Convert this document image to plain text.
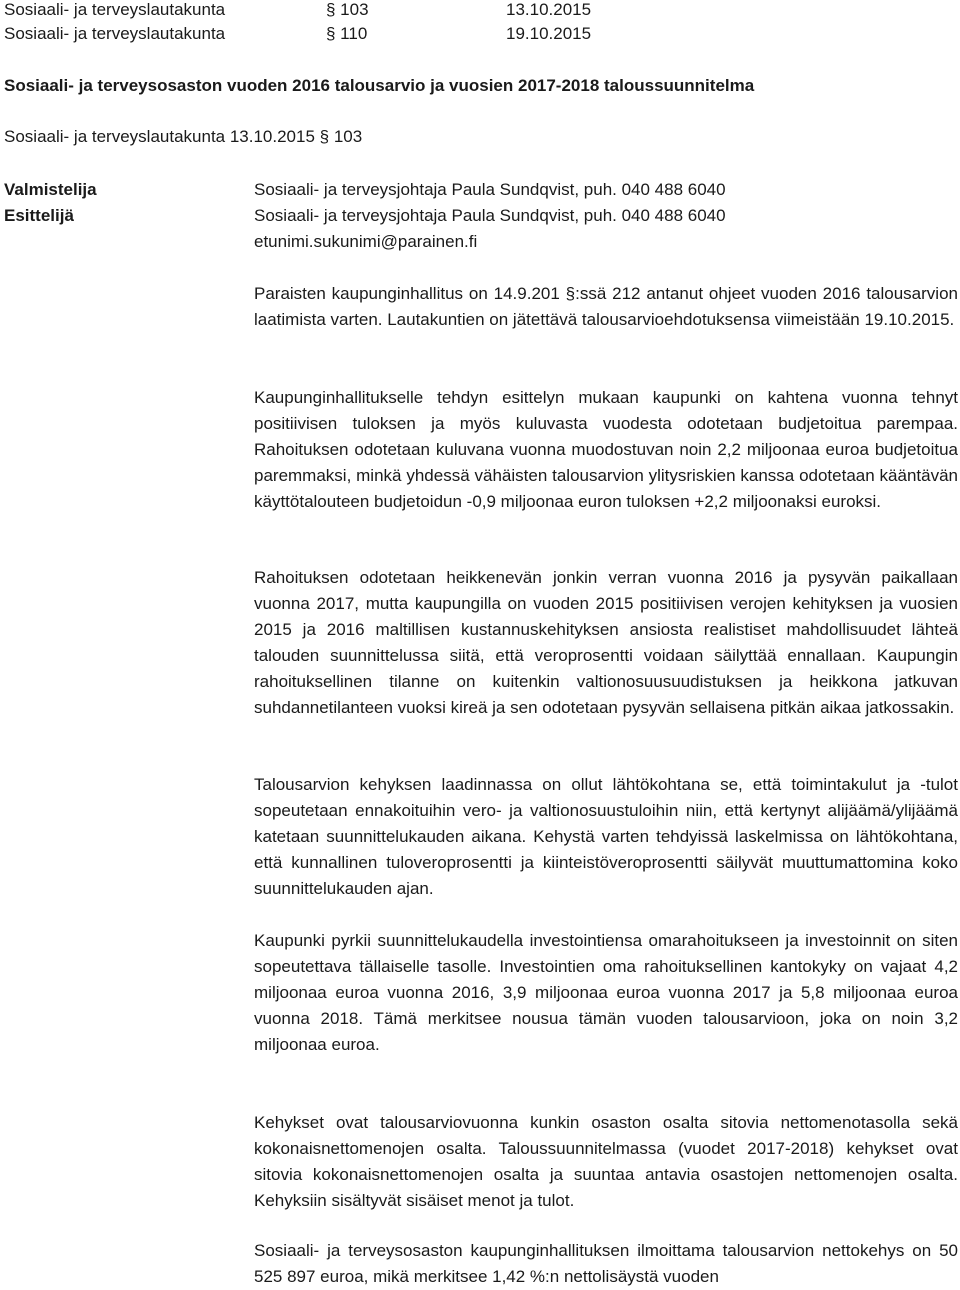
Sosiaali- ja terveyslautakunta	§ 103	13.10.2015
Sosiaali- ja terveyslautakunta	§ 110	19.10.2015
Sosiaali- ja terveysosaston vuoden 2016 talousarvio ja vuosien 2017-2018 taloussuunnitelma
Sosiaali- ja terveyslautakunta 13.10.2015 § 103
Valmistelija	Sosiaali- ja terveysjohtaja Paula Sundqvist, puh. 040 488 6040
Esittelijä	Sosiaali- ja terveysjohtaja Paula Sundqvist, puh. 040 488 6040
etunimi.sukunimi@parainen.fi

Paraisten kaupunginhallitus on 14.9.201 §:ssä 212 antanut ohjeet vuoden 2016 talousarvion laatimista varten. Lautakuntien on jätettävä talousarvioehdotuksensa viimeistään 19.10.2015.

Kaupunginhallitukselle tehdyn esittelyn mukaan kaupunki on kahtena vuonna tehnyt positiivisen tuloksen ja myös kuluvasta vuodesta odotetaan budjetoitua parempaa. Rahoituksen odotetaan kuluvana vuonna muodostuvan noin 2,2 miljoonaa euroa budjetoitua paremmaksi, minkä yhdessä vähäisten talousarvion ylitysriskien kanssa odotetaan kääntävän käyttötalouteen budjetoidun -0,9 miljoonaa euron tuloksen +2,2 miljoonaksi euroksi.

Rahoituksen odotetaan heikkenevän jonkin verran vuonna 2016 ja pysyvän paikallaan vuonna 2017, mutta kaupungilla on vuoden 2015 positiivisen verojen kehityksen ja vuosien 2015 ja 2016 maltillisen kustannuskehityksen ansiosta realistiset mahdollisuudet lähteä talouden suunnittelussa siitä, että veroprosentti voidaan säilyttää ennallaan. Kaupungin rahoituksellinen tilanne on kuitenkin valtionosuusuudistuksen ja heikkona jatkuvan suhdannetilanteen vuoksi kireä ja sen odotetaan pysyvän sellaisena pitkän aikaa jatkossakin.

Talousarvion kehyksen laadinnassa on ollut lähtökohtana se, että toimintakulut ja -tulot sopeutetaan ennakoituihin vero- ja valtionosuustuloihin niin, että kertynyt alijäämä/ylijäämä katetaan suunnittelukauden aikana. Kehystä varten tehdyissä laskelmissa on lähtökohtana, että kunnallinen tuloveroprosentti ja kiinteistöveroprosentti säilyvät muuttumattomina koko suunnittelukauden ajan.

Kaupunki pyrkii suunnittelukaudella investointiensa omarahoitukseen ja investoinnit on siten sopeutettava tällaiselle tasolle. Investointien oma rahoituksellinen kantokyky on vajaat 4,2 miljoonaa euroa vuonna 2016, 3,9 miljoonaa euroa vuonna 2017 ja 5,8 miljoonaa euroa vuonna 2018. Tämä merkitsee nousua tämän vuoden talousarvioon, joka on noin 3,2 miljoonaa euroa.

Kehykset ovat talousarviovuonna kunkin osaston osalta sitovia nettomenotasolla sekä kokonaisnettomenojen osalta. Taloussuunnitelmassa (vuodet 2017-2018) kehykset ovat sitovia kokonaisnettomenojen osalta ja suuntaa antavia osastojen nettomenojen osalta. Kehyksiin sisältyvät sisäiset menot ja tulot.

Sosiaali- ja terveysosaston kaupunginhallituksen ilmoittama talousarvion nettokehys on 50 525 897 euroa, mikä merkitsee 1,42 %:n nettolisäystä vuoden
